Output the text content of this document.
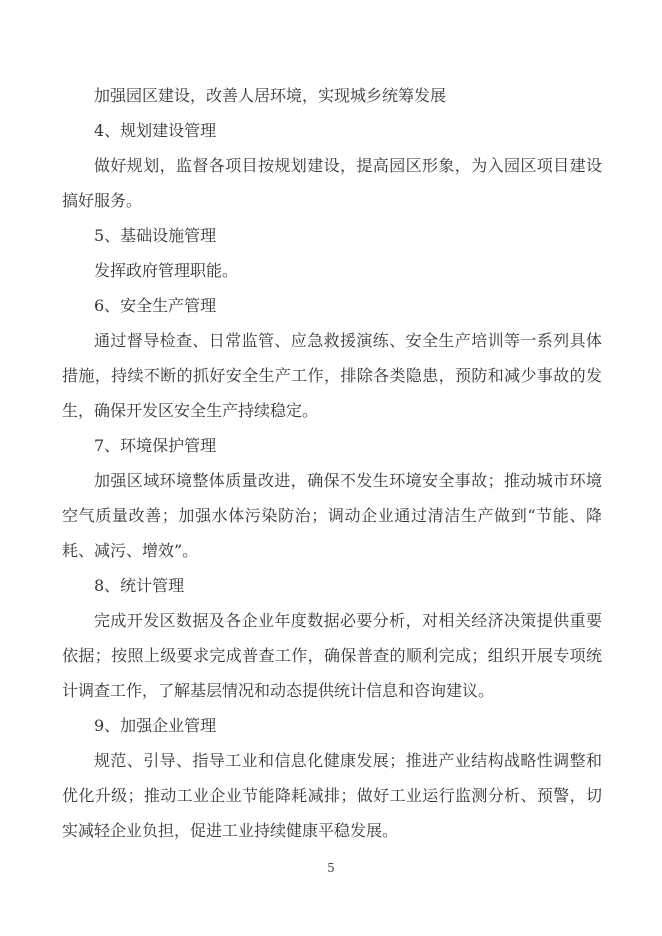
加强园区建设，改善人居环境，实现城乡统筹发展
4、规划建设管理
做好规划，监督各项目按规划建设，提高园区形象，为入园区项目建设搞好服务。
5、基础设施管理
发挥政府管理职能。
6、安全生产管理
通过督导检查、日常监管、应急救援演练、安全生产培训等一系列具体措施，持续不断的抓好安全生产工作，排除各类隐患，预防和减少事故的发生，确保开发区安全生产持续稳定。
7、环境保护管理
加强区域环境整体质量改进，确保不发生环境安全事故；推动城市环境空气质量改善；加强水体污染防治；调动企业通过清洁生产做到“节能、降耗、减污、增效”。
8、统计管理
完成开发区数据及各企业年度数据必要分析，对相关经济决策提供重要依据；按照上级要求完成普查工作，确保普查的顺利完成；组织开展专项统计调查工作，了解基层情况和动态提供统计信息和咨询建议。
9、加强企业管理
规范、引导、指导工业和信息化健康发展；推进产业结构战略性调整和优化升级；推动工业企业节能降耗减排；做好工业运行监测分析、预警，切实减轻企业负担，促进工业持续健康平稳发展。
5
